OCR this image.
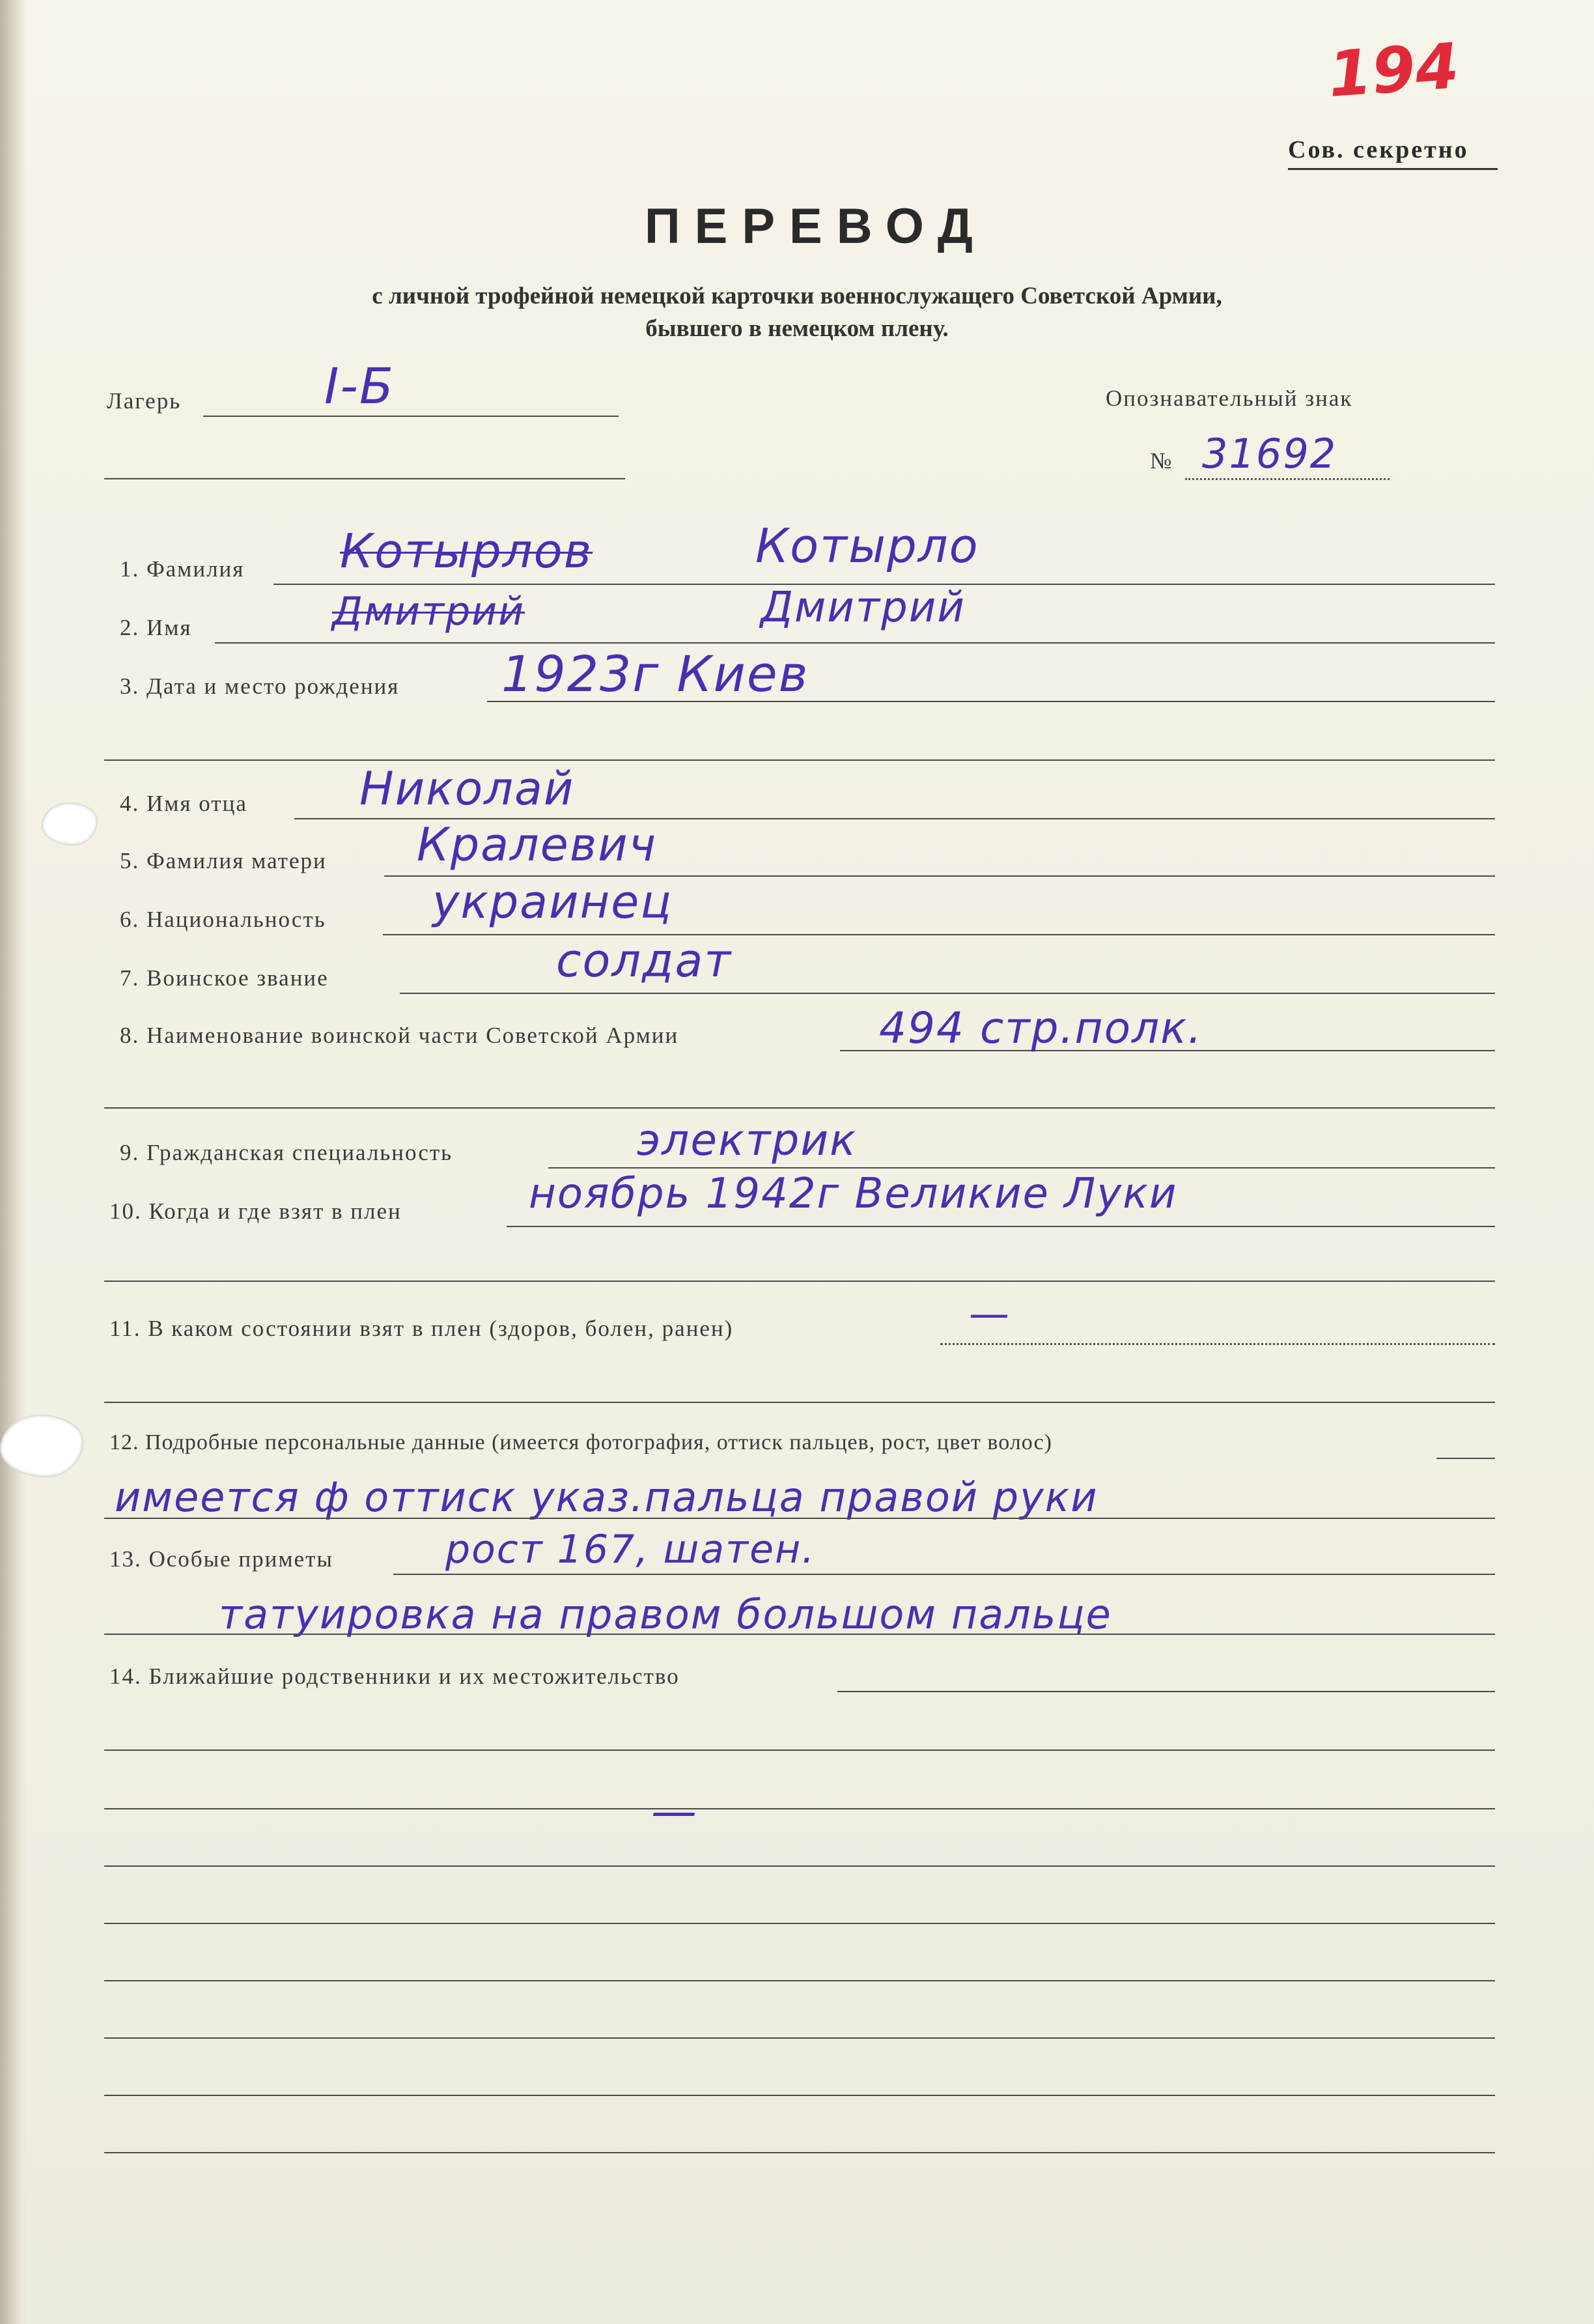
194
Сов. секретно
ПЕРЕВОД
с личной трофейной немецкой карточки военнослужащего Советской Армии,
бывшего в немецком плену.
Лагерь	I-Б	Опознавательный знак
№ 31692
1. Фамилия Котырлов	Котырло
2. Имя	Дмитрий	Дмитрий
3. Дата и место рождения 1923г Киев
4. Имя отца Николай
5. Фамилия матери Кралевич
6. Национальность украинец
7. Воинское звание	солдат
8. Наименование воинской части Советской Армии	494 стр.полк.
9. Гражданская специальность	электрик
10. Когда и где взят в плен	ноябрь 1942г Великие Луки
11. В каком состоянии взят в плен (здоров, болен, ранен)	—
12. Подробные персональные данные (имеется фотография, оттиск пальцев, рост, цвет волос)
имеется ф оттиск указ.пальца правой руки
13. Особые приметы	рост 167, шатен.
татуировка на правом большом пальце
14. Ближайшие родственники и их местожительство
—
